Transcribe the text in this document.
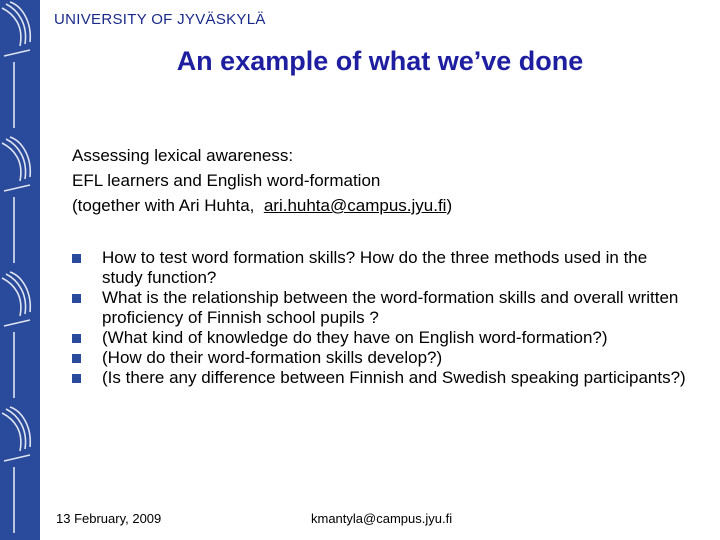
UNIVERSITY OF JYVÄSKYLÄ
An example of what we’ve done
Assessing lexical awareness:
EFL learners and English word-formation
(together with Ari Huhta,  ari.huhta@campus.jyu.fi)
How to test word formation skills? How do the three methods used in the study function?
What is the relationship between the word-formation skills and overall written proficiency of Finnish school pupils ?
(What kind of knowledge do they have on English word-formation?)
(How do their word-formation skills develop?)
(Is there any difference between Finnish and Swedish speaking participants?)
13 February, 2009	kmantyla@campus.jyu.fi
